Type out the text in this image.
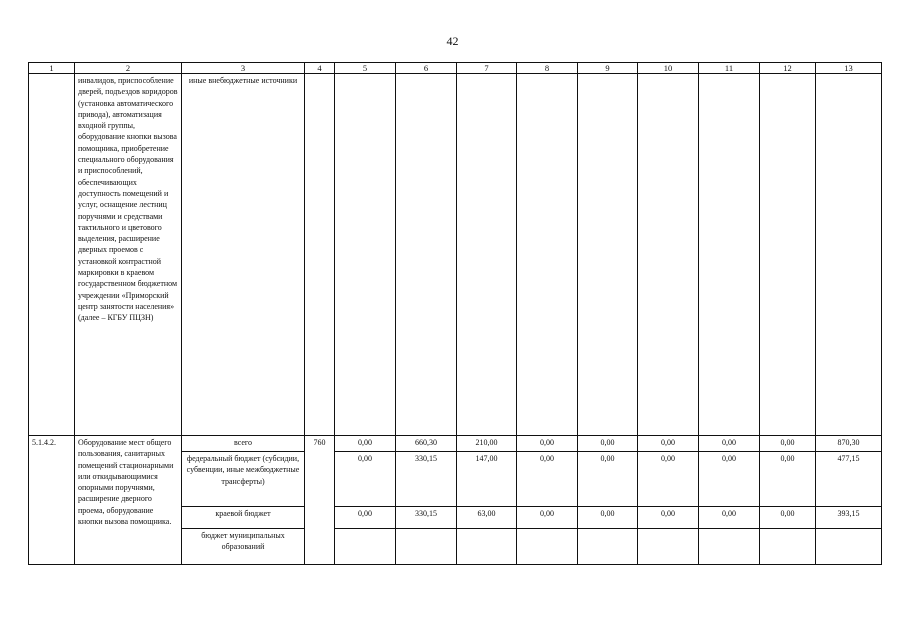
42
1	2	3	4	5	6	7	8	9	10	11	12	13
	инвалидов, приспособление дверей, подъездов коридоров (установка автоматического привода), автоматизация входной группы, оборудование кнопки вызова помощника, приобретение специального оборудования и приспособлений, обеспечивающих доступность помещений и услуг, оснащение лестниц поручнями и средствами тактильного и цветового выделения, расширение дверных проемов с установкой контрастной маркировки в краевом государственном бюджетном учреждении «Приморский центр занятости населения» (далее – КГБУ ПЦЗН)	иные внебюджетные источники										
5.1.4.2.	Оборудование мест общего пользования, санитарных помещений стационарными или откидывающимися опорными поручнями, расширение дверного проема, оборудование кнопки вызова помощника.	всего	760	0,00	660,30	210,00	0,00	0,00	0,00	0,00	0,00	870,30
		федеральный бюджет (субсидии, субвенции, иные межбюджетные трансферты)		0,00	330,15	147,00	0,00	0,00	0,00	0,00	0,00	477,15
		краевой бюджет		0,00	330,15	63,00	0,00	0,00	0,00	0,00	0,00	393,15
		бюджет муниципальных образований										
